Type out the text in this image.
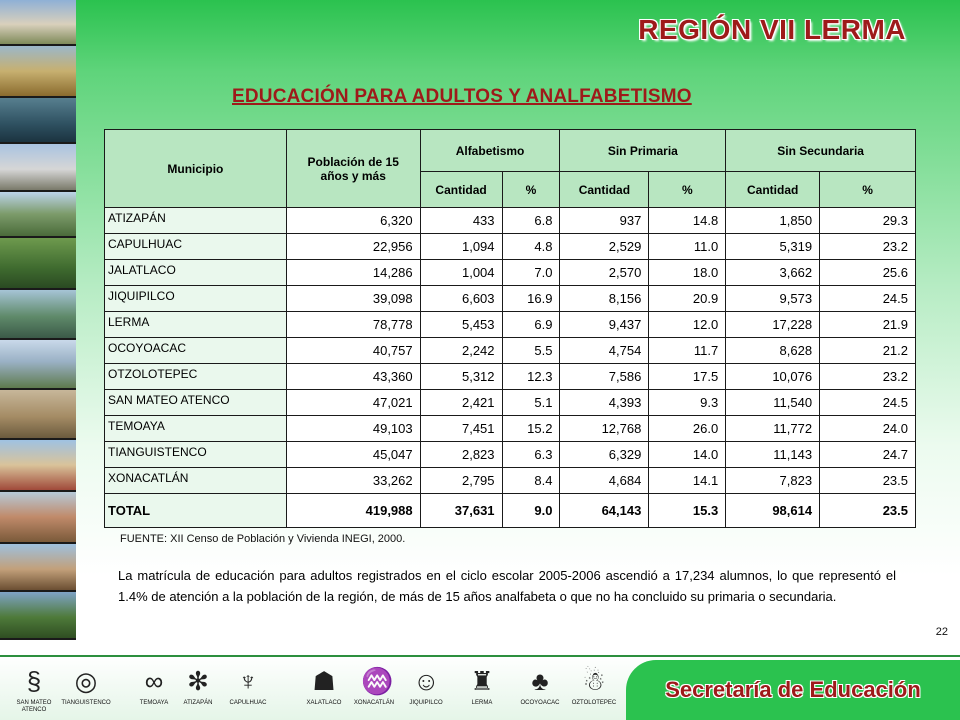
REGIÓN VII LERMA
EDUCACIÓN PARA ADULTOS Y ANALFABETISMO
Municipio	Población de 15 años y más	Alfabetismo		Sin Primaria		Sin Secundaria	
		Cantidad	%	Cantidad	%	Cantidad	%
ATIZAPÁN	6,320	433	6.8	937	14.8	1,850	29.3
CAPULHUAC	22,956	1,094	4.8	2,529	11.0	5,319	23.2
JALATLACO	14,286	1,004	7.0	2,570	18.0	3,662	25.6
JIQUIPILCO	39,098	6,603	16.9	8,156	20.9	9,573	24.5
LERMA	78,778	5,453	6.9	9,437	12.0	17,228	21.9
OCOYOACAC	40,757	2,242	5.5	4,754	11.7	8,628	21.2
OTZOLOTEPEC	43,360	5,312	12.3	7,586	17.5	10,076	23.2
SAN MATEO ATENCO	47,021	2,421	5.1	4,393	9.3	11,540	24.5
TEMOAYA	49,103	7,451	15.2	12,768	26.0	11,772	24.0
TIANGUISTENCO	45,047	2,823	6.3	6,329	14.0	11,143	24.7
XONACATLÁN	33,262	2,795	8.4	4,684	14.1	7,823	23.5
TOTAL	419,988	37,631	9.0	64,143	15.3	98,614	23.5
FUENTE: XII Censo de Población y Vivienda INEGI, 2000.
La matrícula de educación para adultos registrados en el ciclo escolar 2005-2006 ascendió a 17,234 alumnos, lo que representó el 1.4% de atención a la población de la región, de más de 15 años analfabeta o que no ha concluido su primaria o secundaria.
22
§
SAN MATEO ATENCO
◎
TIANGUISTENCO
∞
TEMOAYA
✻
ATIZAPÁN
♆
CAPULHUAC
☗
XALATLACO
♒
XONACATLÁN
☺
JIQUIPILCO
♜
LERMA
♣
OCOYOACAC
☃
OZTOLOTEPEC
Secretaría de Educación
